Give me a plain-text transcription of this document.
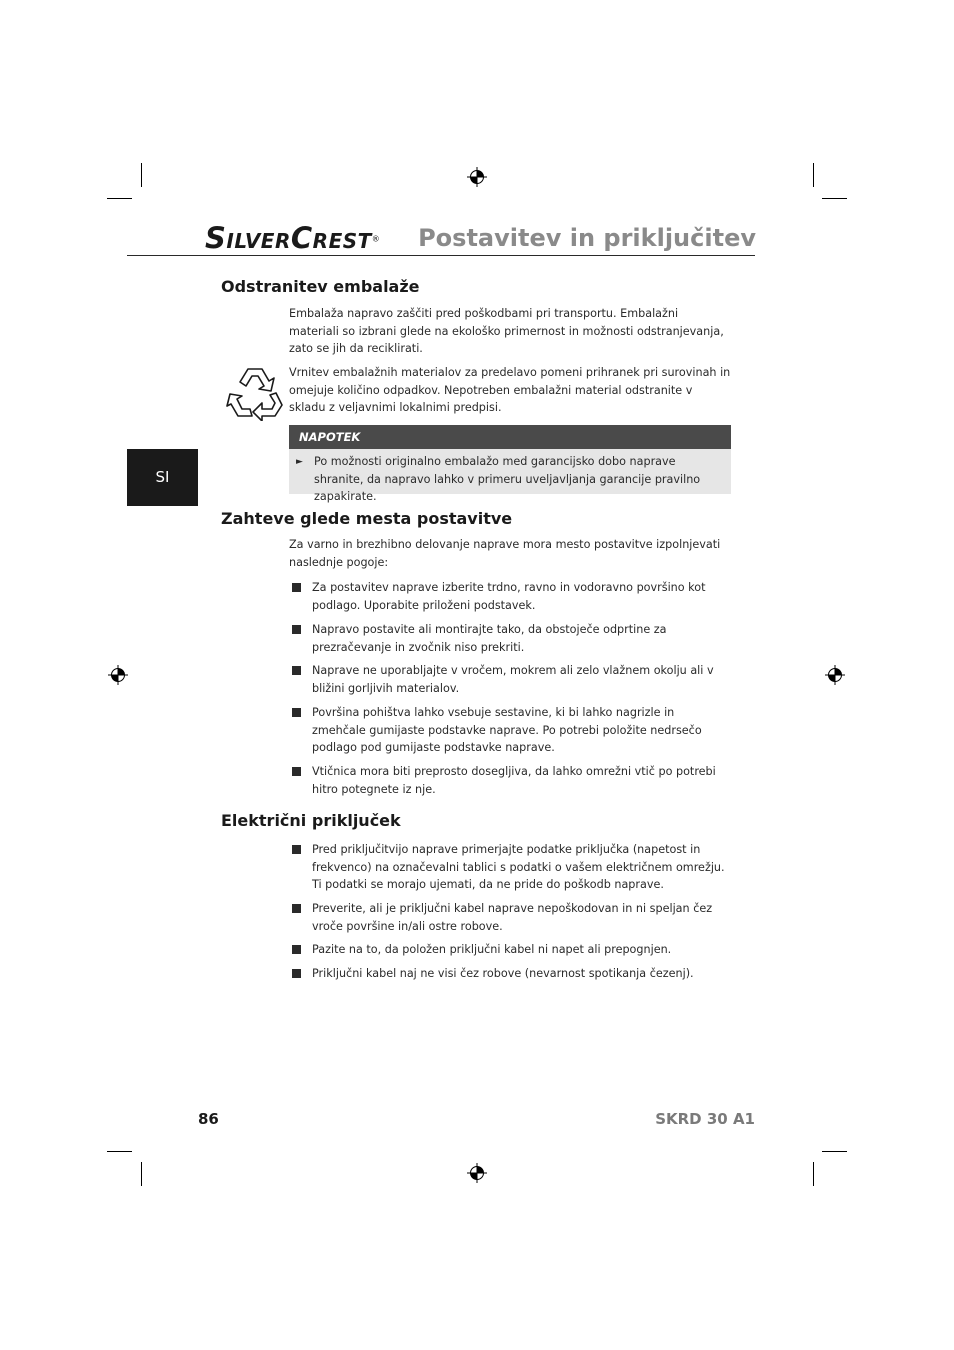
SILVERCREST® Postavitev in priključitev
SI
Odstranitev embalaže

Embalaža napravo zaščiti pred poškodbami pri transportu. Embalažni materiali so izbrani glede na ekološko primernost in možnosti odstranjevanja, zato se jih da reciklirati.

Vrnitev embalažnih materialov za predelavo pomeni prihranek pri surovinah in omejuje količino odpadkov. Nepotreben embalažni material odstranite v skladu z veljavnimi lokalnimi predpisi.

NAPOTEK
► Po možnosti originalno embalažo med garancijsko dobo naprave shranite, da napravo lahko v primeru uveljavljanja garancije pravilno zapakirate.

Zahteve glede mesta postavitve

Za varno in brezhibno delovanje naprave mora mesto postavitve izpolnjevati naslednje pogoje:

Za postavitev naprave izberite trdno, ravno in vodoravno površino kot podlago. Uporabite priloženi podstavek.

Napravo postavite ali montirajte tako, da obstoječe odprtine za prezračevanje in zvočnik niso prekriti.

Naprave ne uporabljajte v vročem, mokrem ali zelo vlažnem okolju ali v bližini gorljivih materialov.

Površina pohištva lahko vsebuje sestavine, ki bi lahko nagrizle in zmehčale gumijaste podstavke naprave. Po potrebi položite nedrsečo podlago pod gumijaste podstavke naprave.

Vtičnica mora biti preprosto dosegljiva, da lahko omrežni vtič po potrebi hitro potegnete iz nje.

Električni priključek

Pred priključitvijo naprave primerjajte podatke priključka (napetost in frekvenco) na označevalni tablici s podatki o vašem električnem omrežju. Ti podatki se morajo ujemati, da ne pride do poškodb naprave.

Preverite, ali je priključni kabel naprave nepoškodovan in ni speljan čez vroče površine in/ali ostre robove.

Pazite na to, da položen priključni kabel ni napet ali prepognjen.

Priključni kabel naj ne visi čez robove (nevarnost spotikanja čezenj).

86	SKRD 30 A1
